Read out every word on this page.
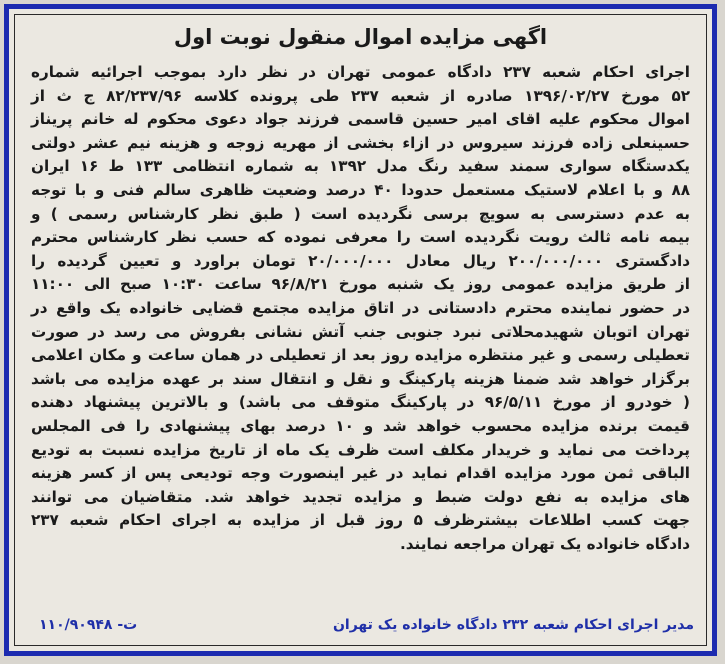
اگهی مزایده اموال منقول نوبت اول
اجرای احکام شعبه ۲۳۷ دادگاه عمومی تهران در نظر دارد بموجب اجرائیه شماره
۵۲ مورخ ۱۳۹۶/۰۲/۲۷ صادره از شعبه ۲۳۷ طی پرونده کلاسه ۸۲/۲۳۷/۹۶ ج ث از
اموال محکوم علیه اقای امیر حسین قاسمی فرزند جواد دعوی محکوم له خانم پریناز
حسینعلی زاده فرزند سیروس در ازاء بخشی از مهریه زوجه و هزینه نیم عشر دولتی
یکدستگاه سواری سمند سفید رنگ مدل ۱۳۹۲ به شماره انتظامی ۱۳۳ ط ۱۶ ایران
۸۸ و با اعلام لاستیک مستعمل حدودا ۴۰ درصد وضعیت ظاهری سالم فنی و با توجه
به عدم دسترسی به سویچ برسی نگردیده است ( طبق نظر کارشناس رسمی ) و
بیمه نامه ثالث رویت نگردیده است را معرفی نموده که حسب نظر کارشناس محترم
دادگستری ۲۰۰/۰۰۰/۰۰۰ ریال معادل ۲۰/۰۰۰/۰۰۰ تومان براورد و تعیین گردیده را
از طریق مزایده عمومی روز یک شنبه مورخ ۹۶/۸/۲۱ ساعت ۱۰:۳۰ صبح الی ۱۱:۰۰
در حضور نماینده محترم دادستانی در اتاق مزایده مجتمع قضایی خانواده یک واقع در
تهران اتوبان شهیدمحلاتی نبرد جنوبی جنب آتش نشانی بفروش می رسد در صورت
تعطیلی رسمی و غیر منتظره مزایده روز بعد از تعطیلی در همان ساعت و مکان اعلامی
برگزار خواهد شد ضمنا هزینه پارکینگ و نقل و انتقال سند بر عهده مزایده می باشد
( خودرو از مورخ ۹۶/۵/۱۱ در پارکینگ متوقف می باشد) و بالاترین پیشنهاد دهنده
قیمت برنده مزایده محسوب خواهد شد و ۱۰ درصد بهای پیشنهادی را فی المجلس
پرداخت می نماید و خریدار مکلف است ظرف یک ماه از تاریخ مزایده نسبت به تودیع
الباقی ثمن مورد مزایده اقدام نماید در غیر اینصورت وجه تودیعی پس از کسر هزینه
های مزایده به نفع دولت ضبط و مزایده تجدید خواهد شد. متقاضیان می توانند
جهت کسب اطلاعات بیشترظرف ۵ روز قبل از مزایده به اجرای احکام شعبه ۲۳۷
دادگاه خانواده یک تهران مراجعه نمایند.
۱۱۰/۹۰۹۴۸ -ت	مدیر اجرای احکام شعبه ۲۳۲ دادگاه خانواده یک تهران
